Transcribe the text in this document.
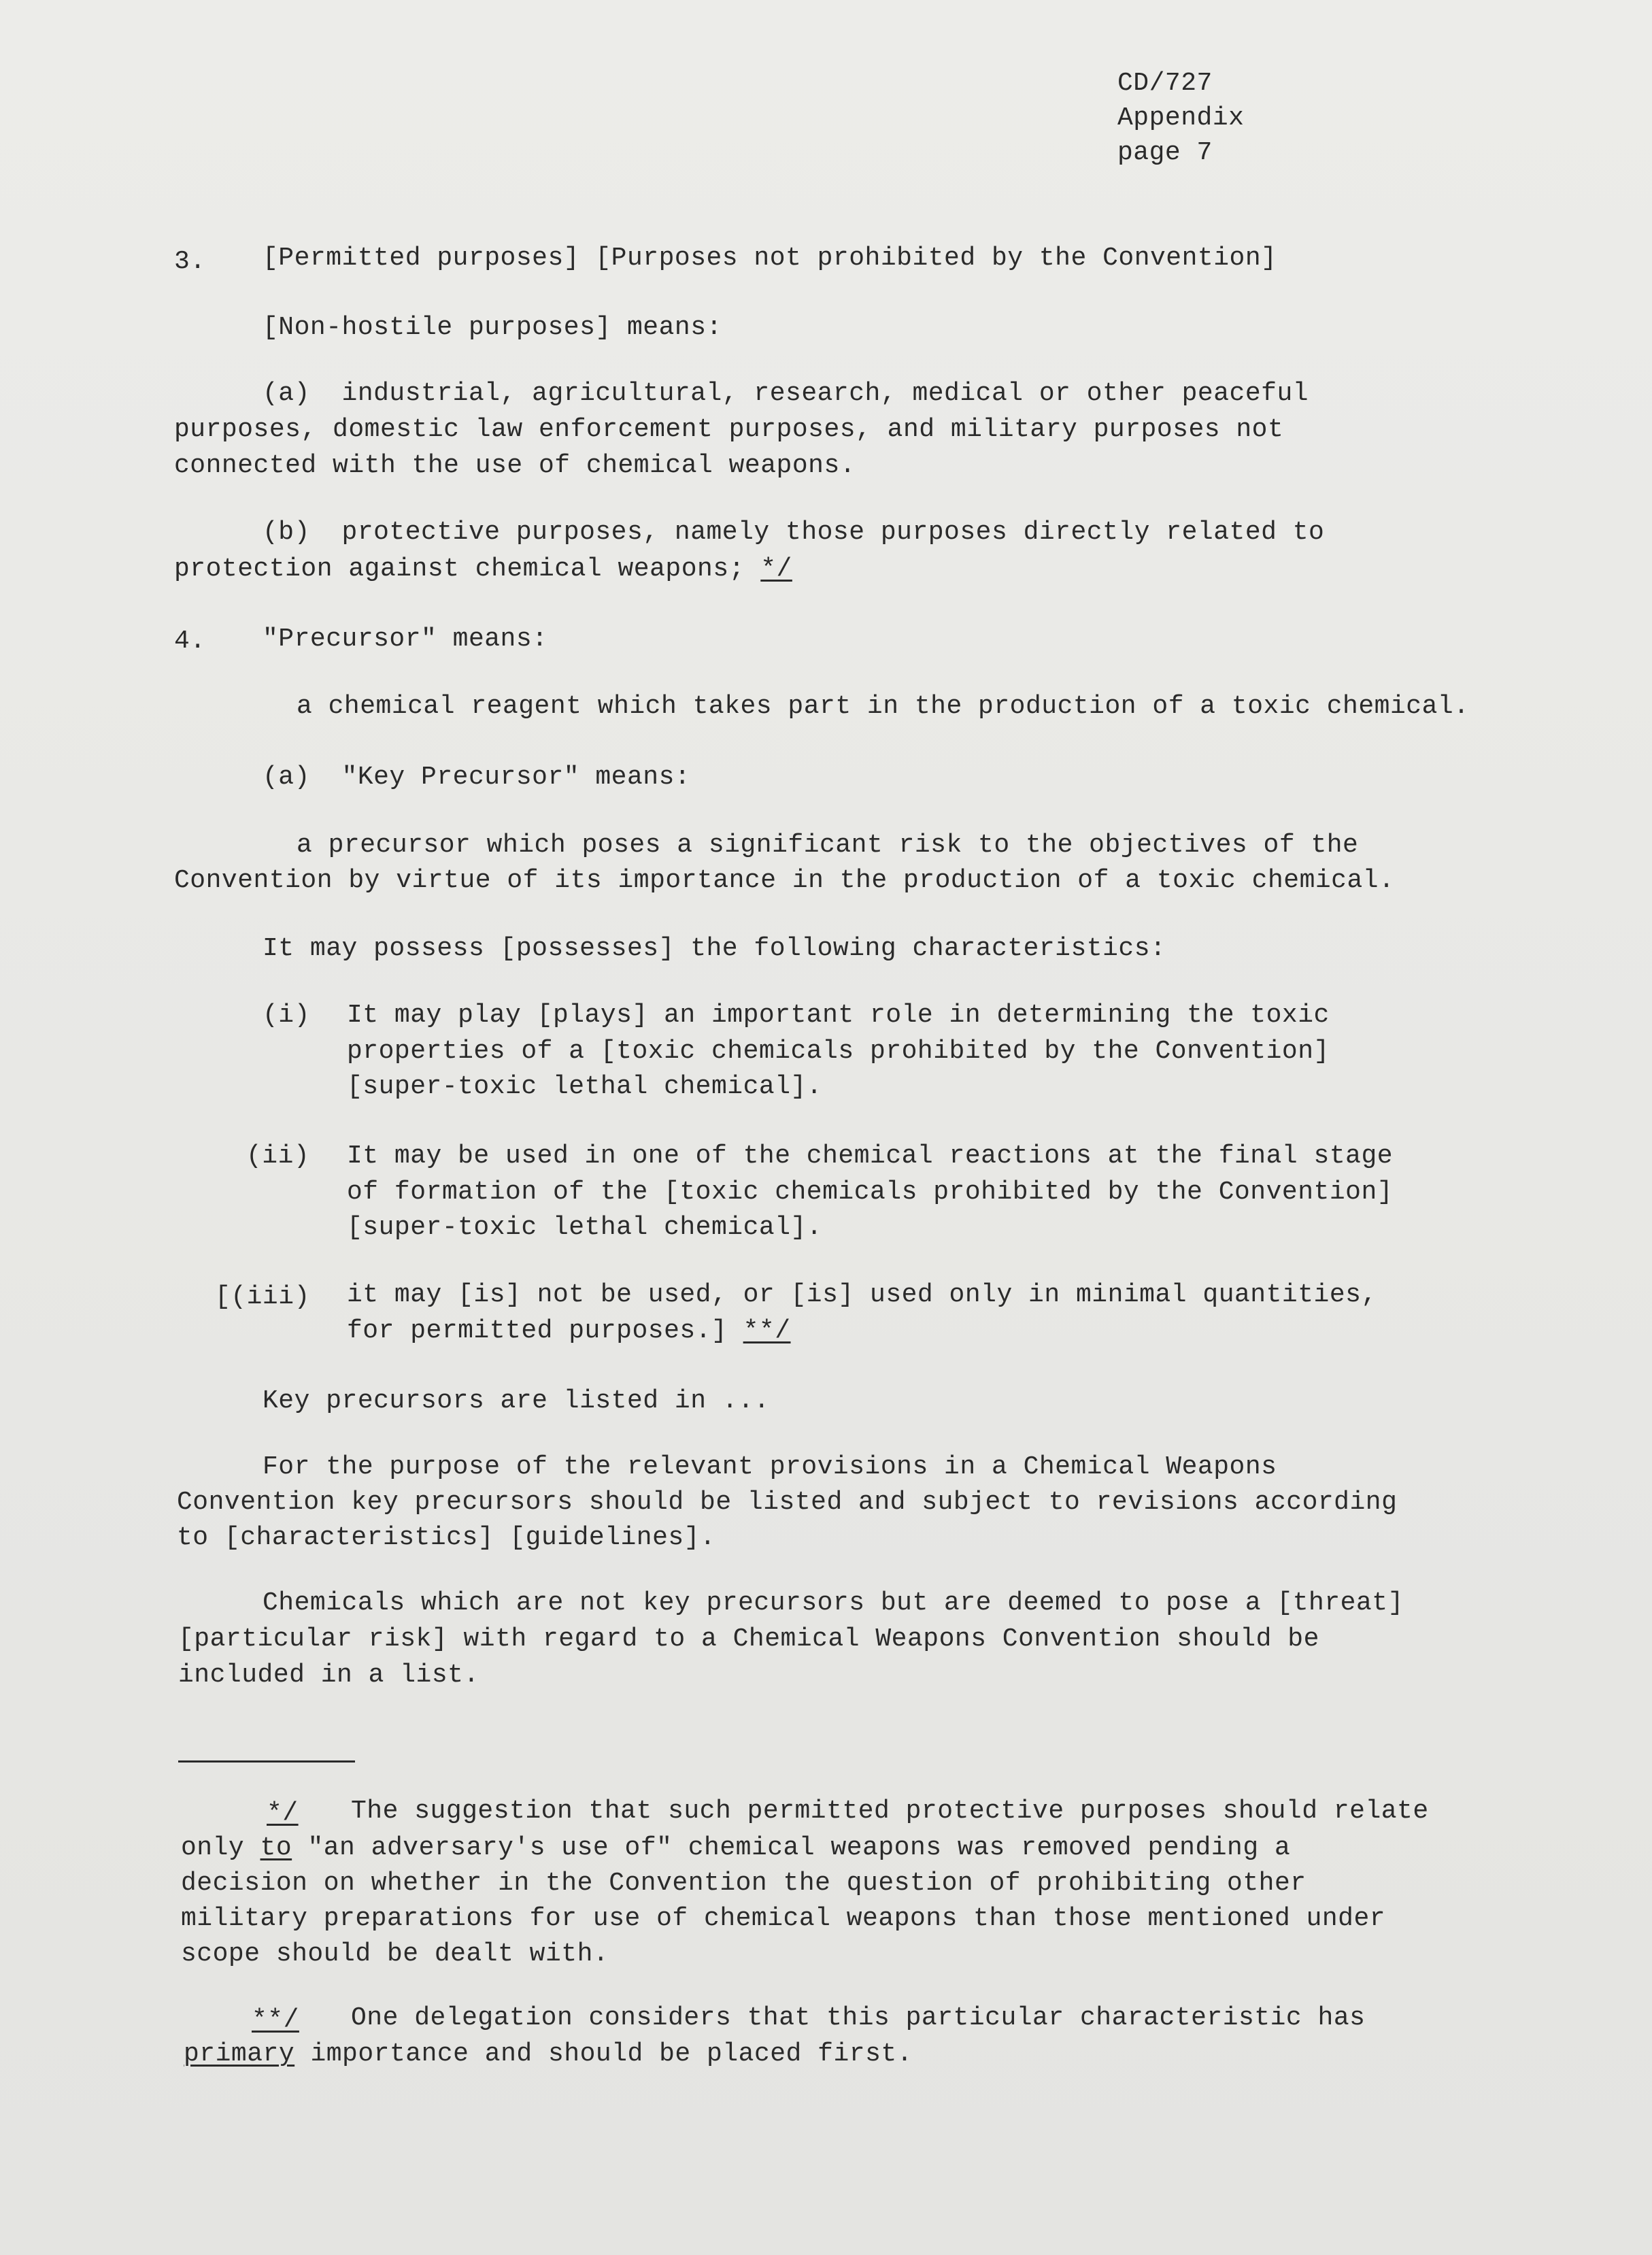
CD/727
Appendix
page 7
3. [Permitted purposes] [Purposes not prohibited by the Convention]
[Non-hostile purposes] means:
(a)  industrial, agricultural, research, medical or other peaceful
purposes, domestic law enforcement purposes, and military purposes not
connected with the use of chemical weapons.
(b)  protective purposes, namely those purposes directly related to
protection against chemical weapons; */
4. "Precursor" means:
a chemical reagent which takes part in the production of a toxic chemical.
(a)  "Key Precursor" means:
a precursor which poses a significant risk to the objectives of the
Convention by virtue of its importance in the production of a toxic chemical.
It may possess [possesses] the following characteristics:
(i) It may play [plays] an important role in determining the toxic
properties of a [toxic chemicals prohibited by the Convention]
[super-toxic lethal chemical].
(ii) It may be used in one of the chemical reactions at the final stage
of formation of the [toxic chemicals prohibited by the Convention]
[super-toxic lethal chemical].
[(iii) it may [is] not be used, or [is] used only in minimal quantities,
for permitted purposes.] **/
Key precursors are listed in ...
For the purpose of the relevant provisions in a Chemical Weapons
Convention key precursors should be listed and subject to revisions according
to [characteristics] [guidelines].
Chemicals which are not key precursors but are deemed to pose a [threat]
[particular risk] with regard to a Chemical Weapons Convention should be
included in a list.
*/ The suggestion that such permitted protective purposes should relate
only to "an adversary's use of" chemical weapons was removed pending a
decision on whether in the Convention the question of prohibiting other
military preparations for use of chemical weapons than those mentioned under
scope should be dealt with.
**/ One delegation considers that this particular characteristic has
primary importance and should be placed first.
